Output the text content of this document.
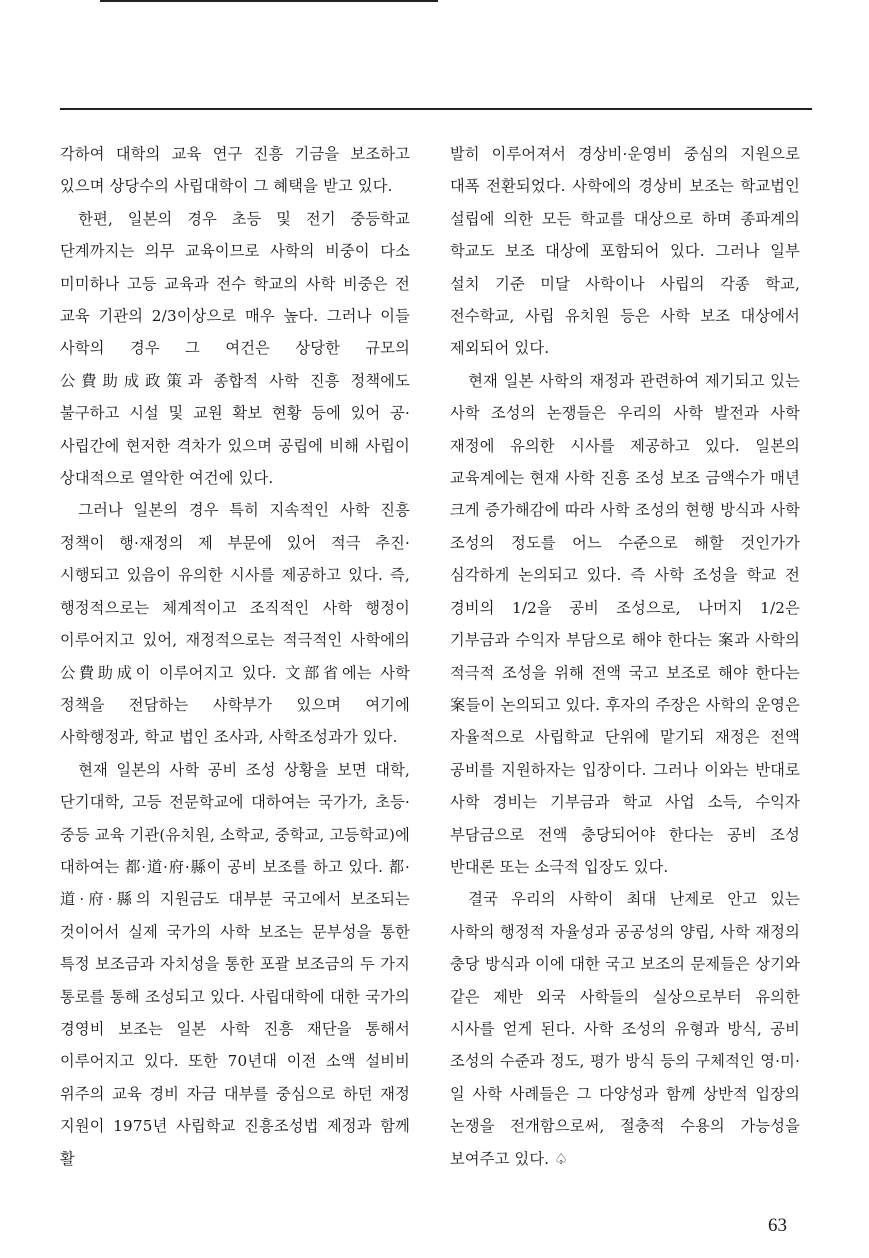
각하여 대학의 교육 연구 진흥 기금을 보조하고 있으며 상당수의 사립대학이 그 혜택을 받고 있다.

한편, 일본의 경우 초등 및 전기 중등학교 단계까지는 의무 교육이므로 사학의 비중이 다소 미미하나 고등 교육과 전수 학교의 사학 비중은 전 교육 기관의 2/3이상으로 매우 높다. 그러나 이들 사학의 경우 그 여건은 상당한 규모의 公費助成政策과 종합적 사학 진흥 정책에도 불구하고 시설 및 교원 확보 현황 등에 있어 공·사립간에 현저한 격차가 있으며 공립에 비해 사립이 상대적으로 열악한 여건에 있다.

그러나 일본의 경우 특히 지속적인 사학 진흥 정책이 행·재정의 제 부문에 있어 적극 추진·시행되고 있음이 유의한 시사를 제공하고 있다. 즉, 행정적으로는 체계적이고 조직적인 사학 행정이 이루어지고 있어, 재정적으로는 적극적인 사학에의 公費助成이 이루어지고 있다. 文部省에는 사학 정책을 전담하는 사학부가 있으며 여기에 사학행정과, 학교 법인 조사과, 사학조성과가 있다.

현재 일본의 사학 공비 조성 상황을 보면 대학, 단기대학, 고등 전문학교에 대하여는 국가가, 초등·중등 교육 기관(유치원, 소학교, 중학교, 고등학교)에 대하여는 都·道·府·縣이 공비 보조를 하고 있다. 都·道·府·縣의 지원금도 대부분 국고에서 보조되는 것이어서 실제 국가의 사학 보조는 문부성을 통한 특정 보조금과 자치성을 통한 포괄 보조금의 두 가지 통로를 통해 조성되고 있다. 사립대학에 대한 국가의 경영비 보조는 일본 사학 진흥 재단을 통해서 이루어지고 있다. 또한 70년대 이전 소액 설비비 위주의 교육 경비 자금 대부를 중심으로 하던 재정 지원이 1975년 사립학교 진흥조성법 제정과 함께 활

발히 이루어져서 경상비·운영비 중심의 지원으로 대폭 전환되었다. 사학에의 경상비 보조는 학교법인 설립에 의한 모든 학교를 대상으로 하며 종파계의 학교도 보조 대상에 포함되어 있다. 그러나 일부 설치 기준 미달 사학이나 사립의 각종 학교, 전수학교, 사립 유치원 등은 사학 보조 대상에서 제외되어 있다.

현재 일본 사학의 재정과 관련하여 제기되고 있는 사학 조성의 논쟁들은 우리의 사학 발전과 사학 재정에 유의한 시사를 제공하고 있다. 일본의 교육계에는 현재 사학 진흥 조성 보조 금액수가 매년 크게 증가해감에 따라 사학 조성의 현행 방식과 사학 조성의 정도를 어느 수준으로 해할 것인가가 심각하게 논의되고 있다. 즉 사학 조성을 학교 전 경비의 1/2을 공비 조성으로, 나머지 1/2은 기부금과 수익자 부담으로 해야 한다는 案과 사학의 적극적 조성을 위해 전액 국고 보조로 해야 한다는 案들이 논의되고 있다. 후자의 주장은 사학의 운영은 자율적으로 사립학교 단위에 맡기되 재정은 전액 공비를 지원하자는 입장이다. 그러나 이와는 반대로 사학 경비는 기부금과 학교 사업 소득, 수익자 부담금으로 전액 충당되어야 한다는 공비 조성 반대론 또는 소극적 입장도 있다.

결국 우리의 사학이 최대 난제로 안고 있는 사학의 행정적 자율성과 공공성의 양립, 사학 재정의 충당 방식과 이에 대한 국고 보조의 문제들은 상기와 같은 제반 외국 사학들의 실상으로부터 유의한 시사를 얻게 된다. 사학 조성의 유형과 방식, 공비 조성의 수준과 정도, 평가 방식 등의 구체적인 영·미·일 사학 사례들은 그 다양성과 함께 상반적 입장의 논쟁을 전개함으로써, 절충적 수용의 가능성을 보여주고 있다. ♤

63
